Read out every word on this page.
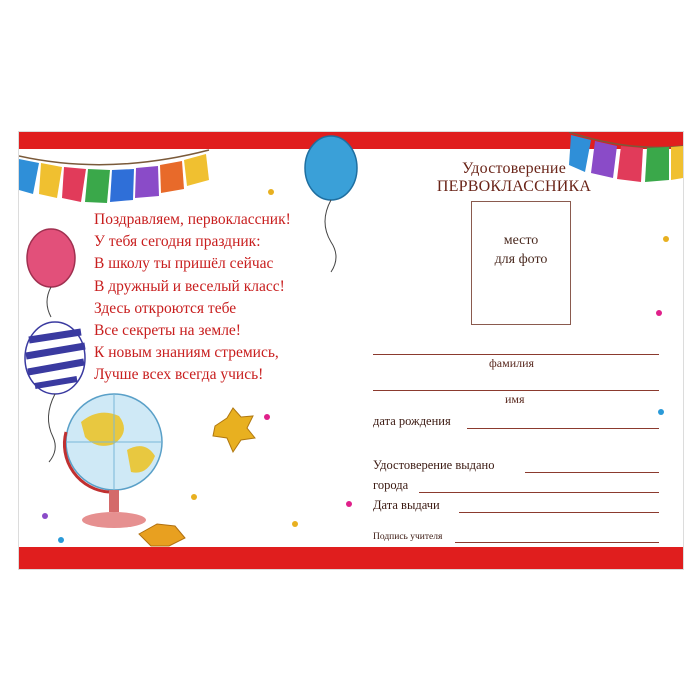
Поздравляем, первоклассник!
У тебя сегодня праздник:
В школу ты пришёл сейчас
В дружный и веселый класс!
Здесь откроются тебе
Все секреты на земле!
К новым знаниям стремись,
Лучше всех всегда учись!
Удостоверение
ПЕРВОКЛАССНИКА
место
для фото
фамилия
имя
дата рождения
Удостоверение выдано
города
Дата выдачи
Подпись учителя
